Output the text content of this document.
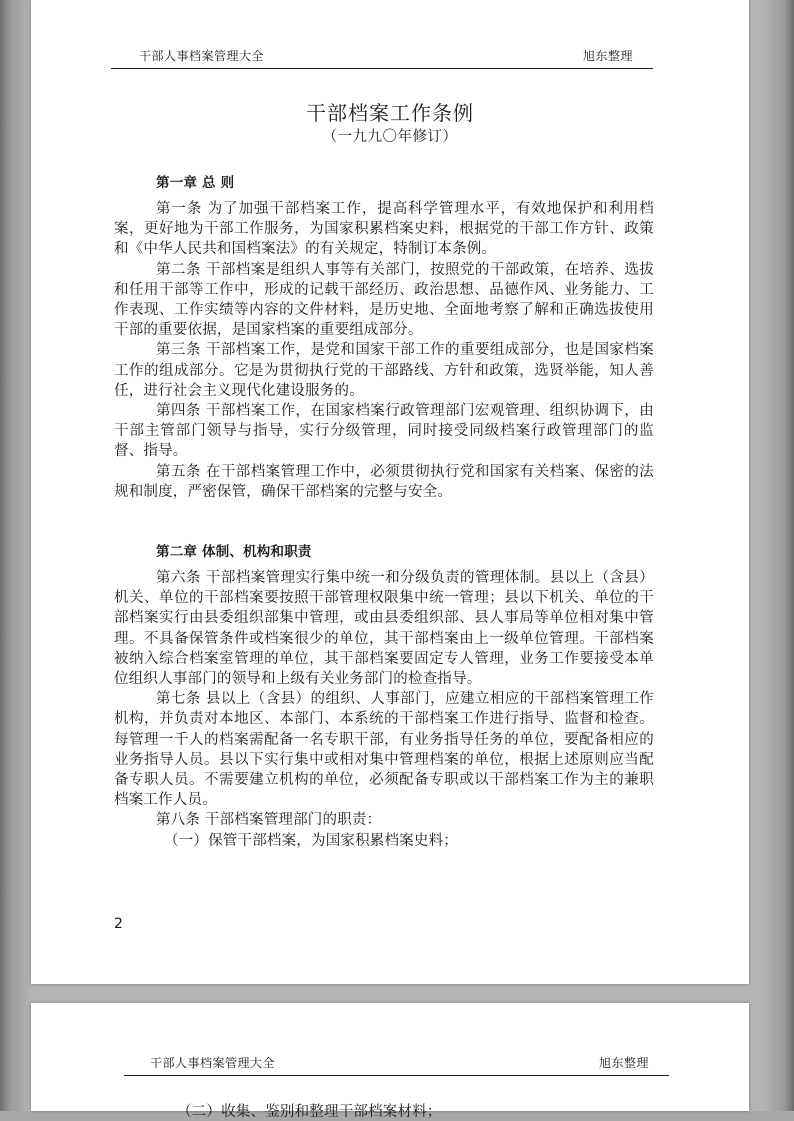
干部人事档案管理大全	旭东整理
干部档案工作条例
（一九九〇年修订）
第一章 总 则

第一条 为了加强干部档案工作，提高科学管理水平，有效地保护和利用档案，更好地为干部工作服务，为国家积累档案史料，根据党的干部工作方针、政策和《中华人民共和国档案法》的有关规定，特制订本条例。

第二条 干部档案是组织人事等有关部门，按照党的干部政策，在培养、选拔和任用干部等工作中，形成的记载干部经历、政治思想、品德作风、业务能力、工作表现、工作实绩等内容的文件材料，是历史地、全面地考察了解和正确选拔使用干部的重要依据，是国家档案的重要组成部分。

第三条 干部档案工作，是党和国家干部工作的重要组成部分，也是国家档案工作的组成部分。它是为贯彻执行党的干部路线、方针和政策，选贤举能，知人善任，进行社会主义现代化建设服务的。

第四条 干部档案工作，在国家档案行政管理部门宏观管理、组织协调下，由干部主管部门领导与指导，实行分级管理，同时接受同级档案行政管理部门的监督、指导。

第五条 在干部档案管理工作中，必须贯彻执行党和国家有关档案、保密的法规和制度，严密保管，确保干部档案的完整与安全。

第二章 体制、机构和职责

第六条 干部档案管理实行集中统一和分级负责的管理体制。县以上（含县）机关、单位的干部档案要按照干部管理权限集中统一管理；县以下机关、单位的干部档案实行由县委组织部集中管理，或由县委组织部、县人事局等单位相对集中管理。不具备保管条件或档案很少的单位，其干部档案由上一级单位管理。干部档案被纳入综合档案室管理的单位，其干部档案要固定专人管理，业务工作要接受本单位组织人事部门的领导和上级有关业务部门的检查指导。

第七条 县以上（含县）的组织、人事部门，应建立相应的干部档案管理工作机构，并负责对本地区、本部门、本系统的干部档案工作进行指导、监督和检查。每管理一千人的档案需配备一名专职干部，有业务指导任务的单位，要配备相应的业务指导人员。县以下实行集中或相对集中管理档案的单位，根据上述原则应当配备专职人员。不需要建立机构的单位，必须配备专职或以干部档案工作为主的兼职档案工作人员。

第八条 干部档案管理部门的职责：

（一）保管干部档案，为国家积累档案史料；

2
干部人事档案管理大全	旭东整理
（二）收集、鉴别和整理干部档案材料；
